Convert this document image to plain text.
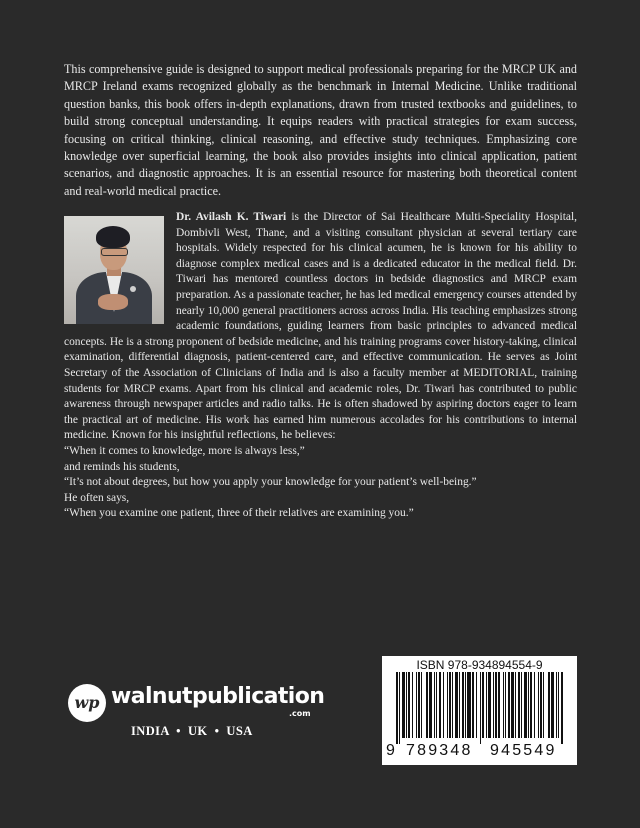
This comprehensive guide is designed to support medical professionals preparing for the MRCP UK and MRCP Ireland exams recognized globally as the benchmark in Internal Medicine. Unlike traditional question banks, this book offers in-depth explanations, drawn from trusted textbooks and guidelines, to build strong conceptual understanding. It equips readers with practical strategies for exam success, focusing on critical thinking, clinical reasoning, and effective study techniques. Emphasizing core knowledge over superficial learning, the book also provides insights into clinical application, patient scenarios, and diagnostic approaches. It is an essential resource for mastering both theoretical content and real-world medical practice.

Dr. Avilash K. Tiwari is the Director of Sai Healthcare Multi-Speciality Hospital, Dombivli West, Thane, and a visiting consultant physician at several tertiary care hospitals. Widely respected for his clinical acumen, he is known for his ability to diagnose complex medical cases and is a dedicated educator in the medical field. Dr. Tiwari has mentored countless doctors in bedside diagnostics and MRCP exam preparation. As a passionate teacher, he has led medical emergency courses attended by nearly 10,000 general practitioners across across India. His teaching emphasizes strong academic foundations, guiding learners from basic principles to advanced medical concepts. He is a strong proponent of bedside medicine, and his training programs cover history-taking, clinical examination, differential diagnosis, patient-centered care, and effective communication. He serves as Joint Secretary of the Association of Clinicians of India and is also a faculty member at MEDITORIAL, training students for MRCP exams. Apart from his clinical and academic roles, Dr. Tiwari has contributed to public awareness through newspaper articles and radio talks. He is often shadowed by aspiring doctors eager to learn the practical art of medicine. His work has earned him numerous accolades for his contributions to internal medicine. Known for his insightful reflections, he believes:

“When it comes to knowledge, more is always less,”
and reminds his students,
“It’s not about degrees, but how you apply your knowledge for your patient’s well-being.”
He often says,
“When you examine one patient, three of their relatives are examining you.”
wp walnutpublication
.com
INDIA  •  UK  •  USA
ISBN 978-934894554-9
9 789348 945549
